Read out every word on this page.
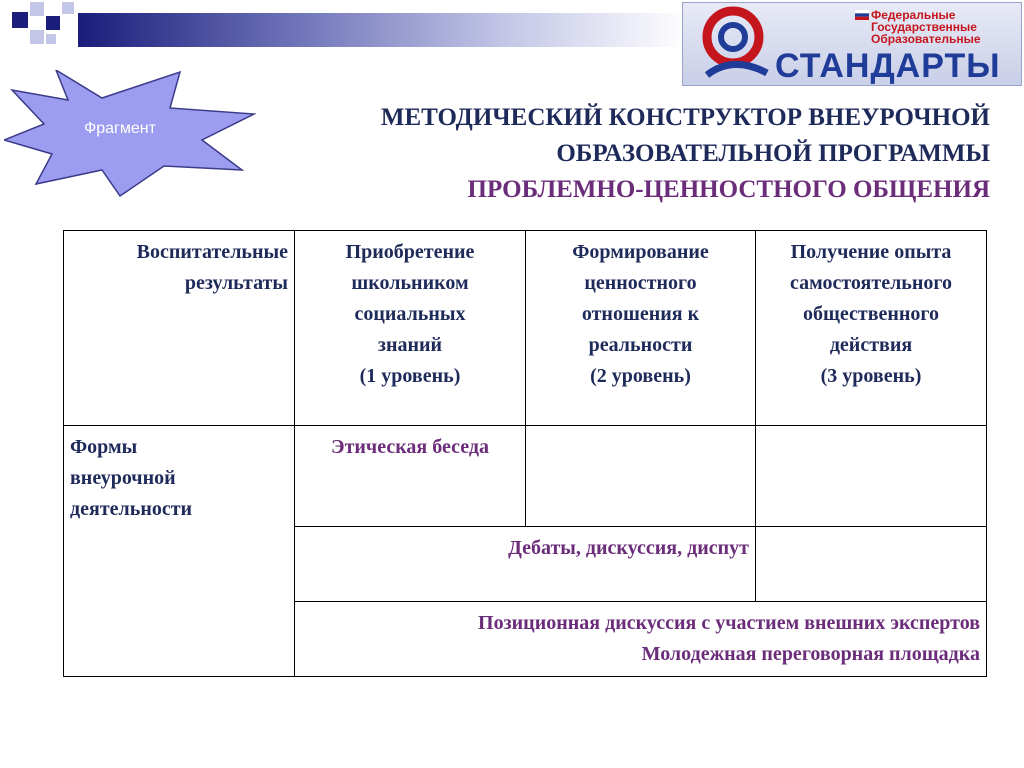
Федеральные
Государственные
Образовательные
СТАНДАРТЫ
Фрагмент	МЕТОДИЧЕСКИЙ КОНСТРУКТОР ВНЕУРОЧНОЙ
ОБРАЗОВАТЕЛЬНОЙ ПРОГРАММЫ
ПРОБЛЕМНО-ЦЕННОСТНОГО ОБЩЕНИЯ
Воспитательные
результаты	Приобретение
школьником
социальных
знаний
(1 уровень)	Формирование
ценностного
отношения к
реальности
(2 уровень)	Получение опыта
самостоятельного
общественного
действия
(3 уровень)

Формы
внеурочной
деятельности	Этическая беседа		
	Дебаты, дискуссия, диспут		

	Позиционная дискуссия с участием внешних экспертов
Молодежная переговорная площадка		
